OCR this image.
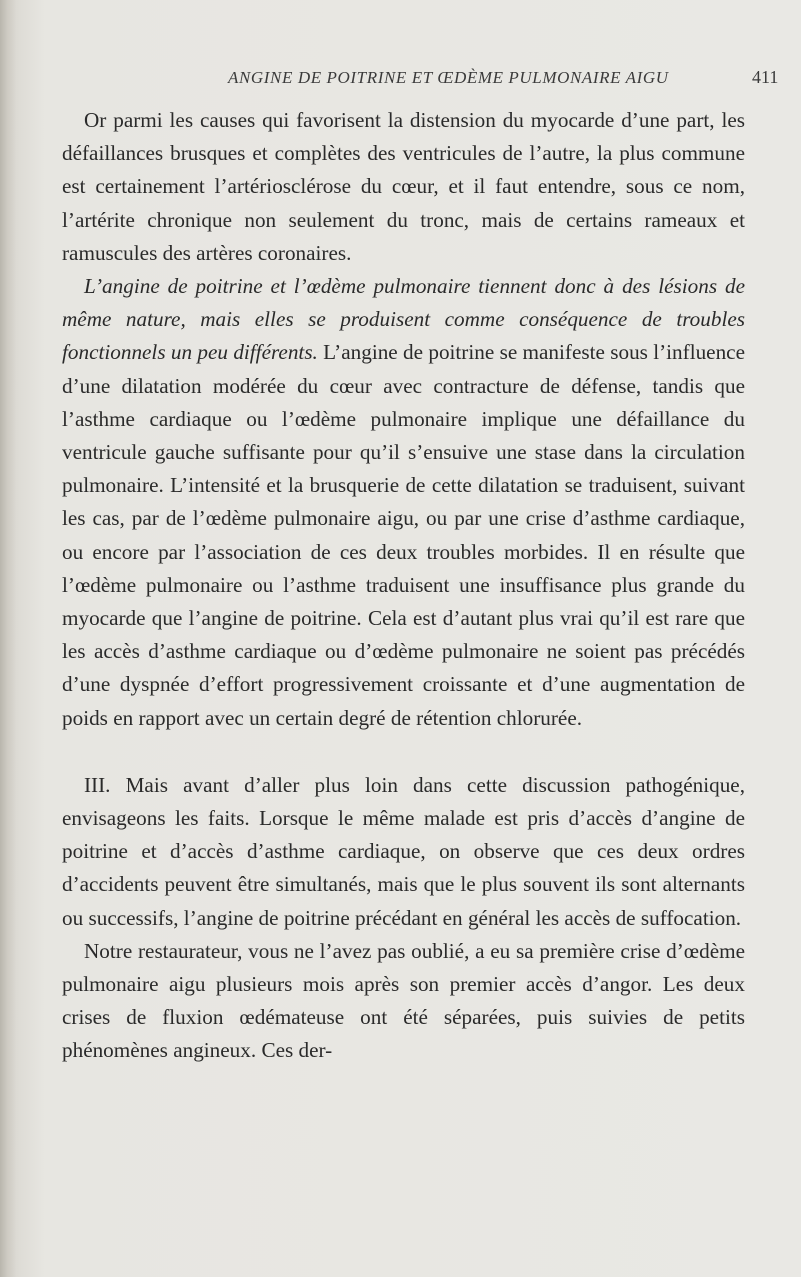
ANGINE DE POITRINE ET ŒDÈME PULMONAIRE AIGU	411

Or parmi les causes qui favorisent la distension du myocarde d’une part, les défaillances brusques et complètes des ventricules de l’autre, la plus commune est certainement l’artériosclérose du cœur, et il faut entendre, sous ce nom, l’artérite chronique non seulement du tronc, mais de certains rameaux et ramuscules des artères coronaires.

L’angine de poitrine et l’œdème pulmonaire tiennent donc à des lésions de même nature, mais elles se produisent comme conséquence de troubles fonctionnels un peu différents. L’angine de poitrine se manifeste sous l’influence d’une dilatation modérée du cœur avec contracture de défense, tandis que l’asthme cardiaque ou l’œdème pulmonaire implique une défaillance du ventricule gauche suffisante pour qu’il s’ensuive une stase dans la circulation pulmonaire. L’intensité et la brusquerie de cette dilatation se traduisent, suivant les cas, par de l’œdème pulmonaire aigu, ou par une crise d’asthme cardiaque, ou encore par l’association de ces deux troubles morbides. Il en résulte que l’œdème pulmonaire ou l’asthme traduisent une insuffisance plus grande du myocarde que l’angine de poitrine. Cela est d’autant plus vrai qu’il est rare que les accès d’asthme cardiaque ou d’œdème pulmonaire ne soient pas précédés d’une dyspnée d’effort progressivement croissante et d’une augmentation de poids en rapport avec un certain degré de rétention chlorurée.

III. Mais avant d’aller plus loin dans cette discussion pathogénique, envisageons les faits. Lorsque le même malade est pris d’accès d’angine de poitrine et d’accès d’asthme cardiaque, on observe que ces deux ordres d’accidents peuvent être simultanés, mais que le plus souvent ils sont alternants ou successifs, l’angine de poitrine précédant en général les accès de suffocation.

Notre restaurateur, vous ne l’avez pas oublié, a eu sa première crise d’œdème pulmonaire aigu plusieurs mois après son premier accès d’angor. Les deux crises de fluxion œdémateuse ont été séparées, puis suivies de petits phénomènes angineux. Ces der-
